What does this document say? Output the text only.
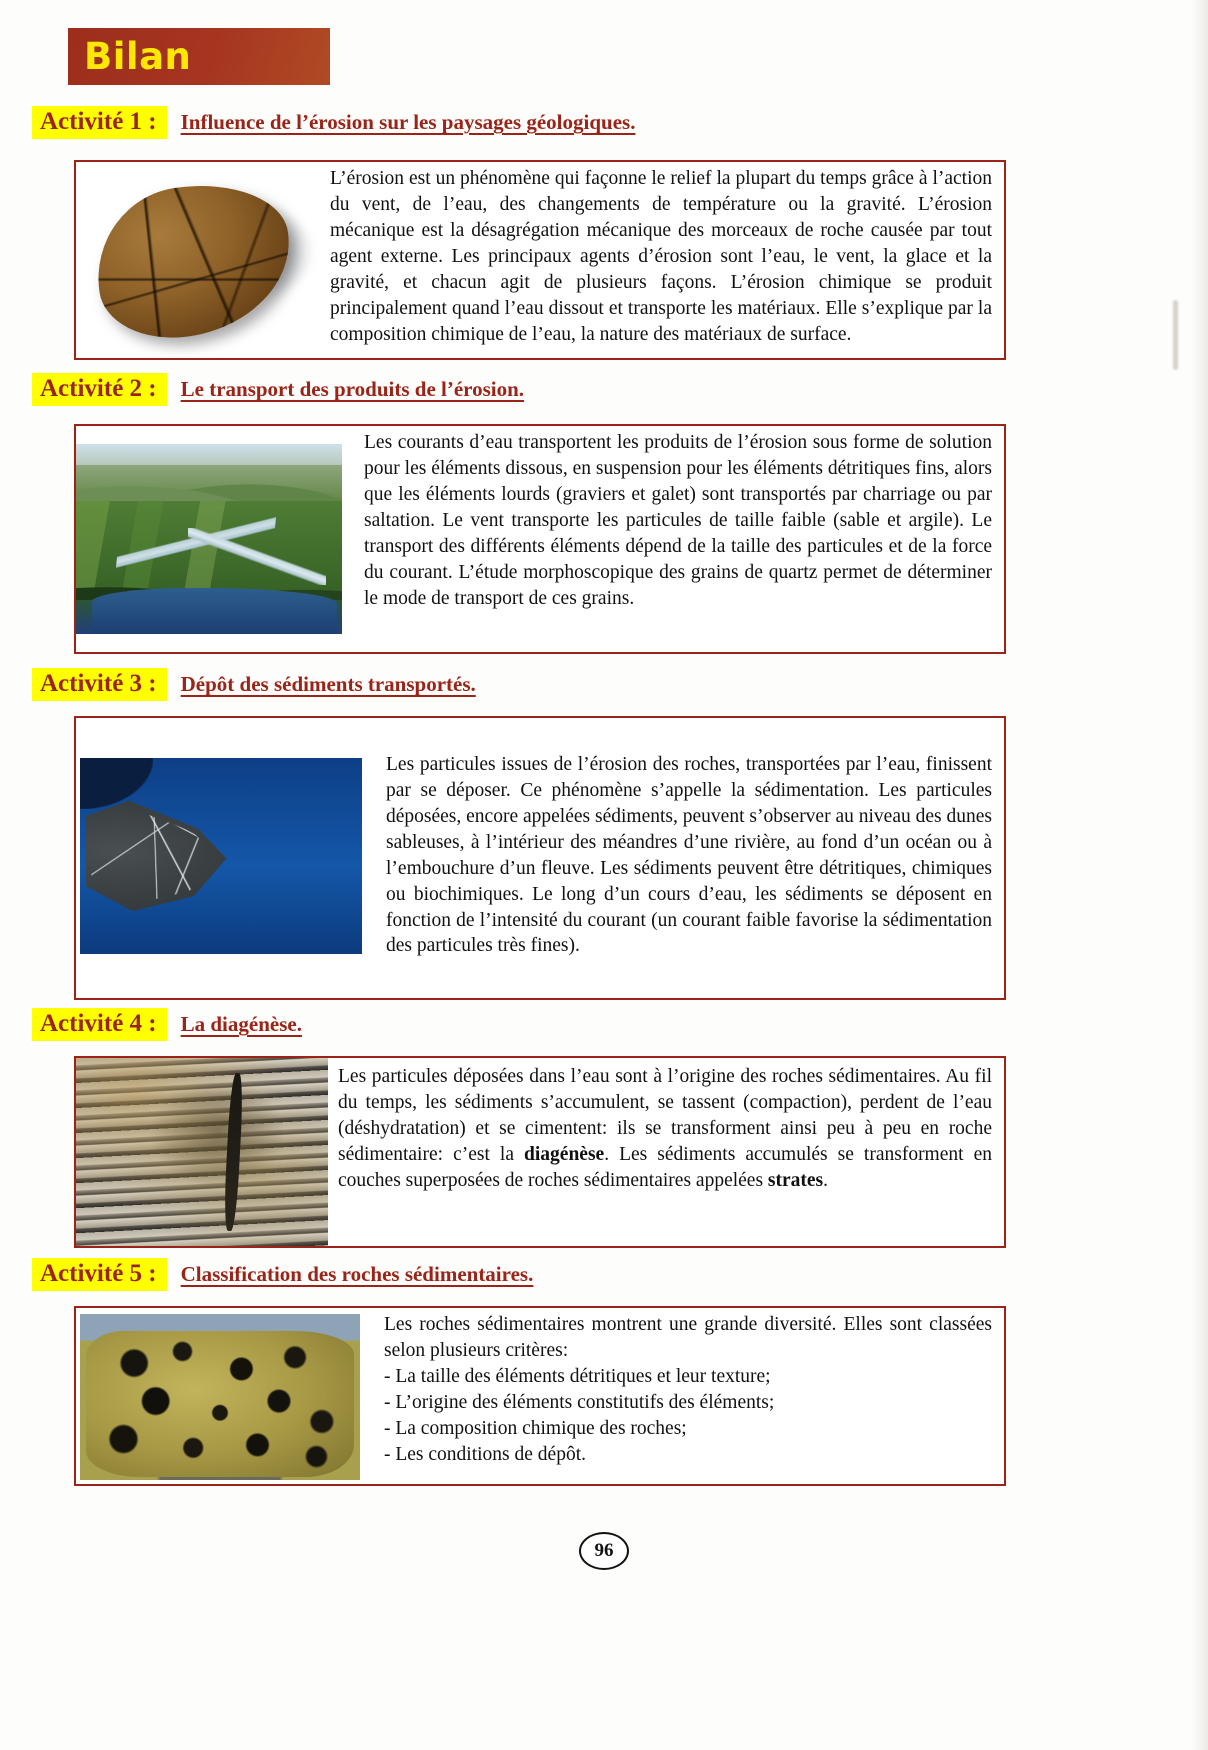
Bilan
Activité 1 :	Influence de l’érosion sur les paysages géologiques.

L’érosion est un phénomène qui façonne le relief la plupart du temps grâce à l’action du vent, de l’eau, des changements de température ou la gravité. L’érosion mécanique est la désagrégation mécanique des morceaux de roche causée par tout agent externe. Les principaux agents d’érosion sont l’eau, le vent, la glace et la gravité, et chacun agit de plusieurs façons. L’érosion chimique se produit principalement quand l’eau dissout et transporte les matériaux. Elle s’explique par la composition chimique de l’eau, la nature des matériaux de surface.

Activité 2 :	Le transport des produits de l’érosion.

Les courants d’eau transportent les produits de l’érosion sous forme de solution pour les éléments dissous, en suspension pour les éléments détritiques fins, alors que les éléments lourds (graviers et galet) sont transportés par charriage ou par saltation. Le vent transporte les particules de taille faible (sable et argile). Le transport des différents éléments dépend de la taille des particules et de la force du courant. L’étude morphoscopique des grains de quartz permet de déterminer le mode de transport de ces grains.

Activité 3 :	Dépôt des sédiments transportés.

Les particules issues de l’érosion des roches, transportées par l’eau, finissent par se déposer. Ce phénomène s’appelle la sédimentation. Les particules déposées, encore appelées sédiments, peuvent s’observer au niveau des dunes sableuses, à l’intérieur des méandres d’une rivière, au fond d’un océan ou à l’embouchure d’un fleuve. Les sédiments peuvent être détritiques, chimiques ou biochimiques. Le long d’un cours d’eau, les sédiments se déposent en fonction de l’intensité du courant (un courant faible favorise la sédimentation des particules très fines).

Activité 4 :	La diagénèse.

Les particules déposées dans l’eau sont à l’origine des roches sédimentaires. Au fil du temps, les sédiments s’accumulent, se tassent (compaction), perdent de l’eau (déshydratation) et se cimentent: ils se transforment ainsi peu à peu en roche sédimentaire: c’est la diagénèse. Les sédiments accumulés se transforment en couches superposées de roches sédimentaires appelées strates.

Activité 5 :	Classification des roches sédimentaires.

Les roches sédimentaires montrent une grande diversité. Elles sont classées selon plusieurs critères:

- La taille des éléments détritiques et leur texture;

- L’origine des éléments constitutifs des éléments;

- La composition chimique des roches;

- Les conditions de dépôt.

96
